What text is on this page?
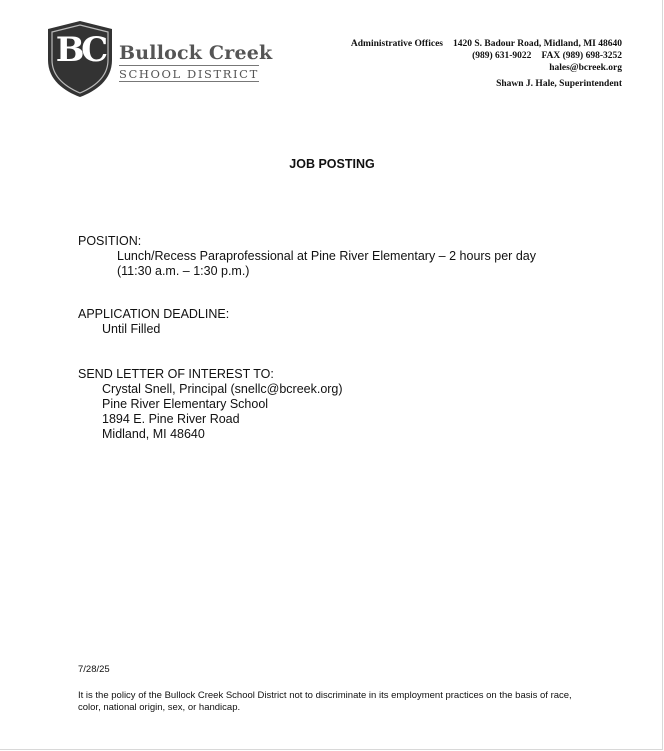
BC Bullock Creek
SCHOOL DISTRICT
Administrative Offices 1420 S. Badour Road, Midland, MI 48640
(989) 631-9022 FAX (989) 698-3252
hales@bcreek.org
Shawn J. Hale, Superintendent
JOB POSTING
POSITION:
Lunch/Recess Paraprofessional at Pine River Elementary – 2 hours per day
(11:30 a.m. – 1:30 p.m.)
APPLICATION DEADLINE:
Until Filled
SEND LETTER OF INTEREST TO:
Crystal Snell, Principal (snellc@bcreek.org)
Pine River Elementary School
1894 E. Pine River Road
Midland, MI 48640
7/28/25
It is the policy of the Bullock Creek School District not to discriminate in its employment practices on the basis of race, color, national origin, sex, or handicap.
